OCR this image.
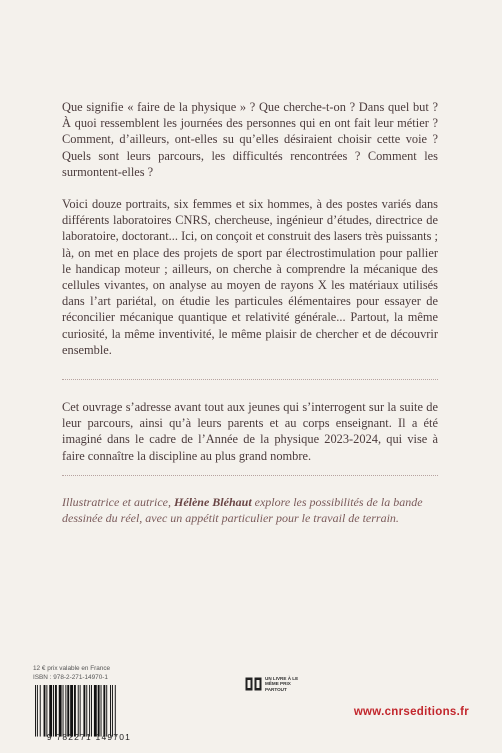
Que signifie « faire de la physique » ? Que cherche-t-on ? Dans quel but ? À quoi ressemblent les journées des personnes qui en ont fait leur métier ? Comment, d’ailleurs, ont-elles su qu’elles désiraient choisir cette voie ? Quels sont leurs parcours, les difficultés rencontrées ? Comment les surmontent-elles ?

Voici douze portraits, six femmes et six hommes, à des postes variés dans différents laboratoires CNRS, chercheuse, ingénieur d’études, directrice de laboratoire, doctorant... Ici, on conçoit et construit des lasers très puissants ; là, on met en place des projets de sport par électrostimulation pour pallier le handicap moteur ; ailleurs, on cherche à comprendre la mécanique des cellules vivantes, on analyse au moyen de rayons X les matériaux utilisés dans l’art pariétal, on étudie les particules élémentaires pour essayer de réconcilier mécanique quantique et relativité générale... Partout, la même curiosité, la même inventivité, le même plaisir de chercher et de découvrir ensemble.

Cet ouvrage s’adresse avant tout aux jeunes qui s’interrogent sur la suite de leur parcours, ainsi qu’à leurs parents et au corps enseignant. Il a été imaginé dans le cadre de l’Année de la physique 2023-2024, qui vise à faire connaître la discipline au plus grand nombre.

Illustratrice et autrice, Hélène Bléhaut explore les possibilités de la bande dessinée du réel, avec un appétit particulier pour le travail de terrain.

12 € prix valable en France
ISBN : 978-2-271-14970-1
9 782271 149701
UN LIVRE À LE MÊME PRIX PARTOUT
www.cnrseditions.fr
